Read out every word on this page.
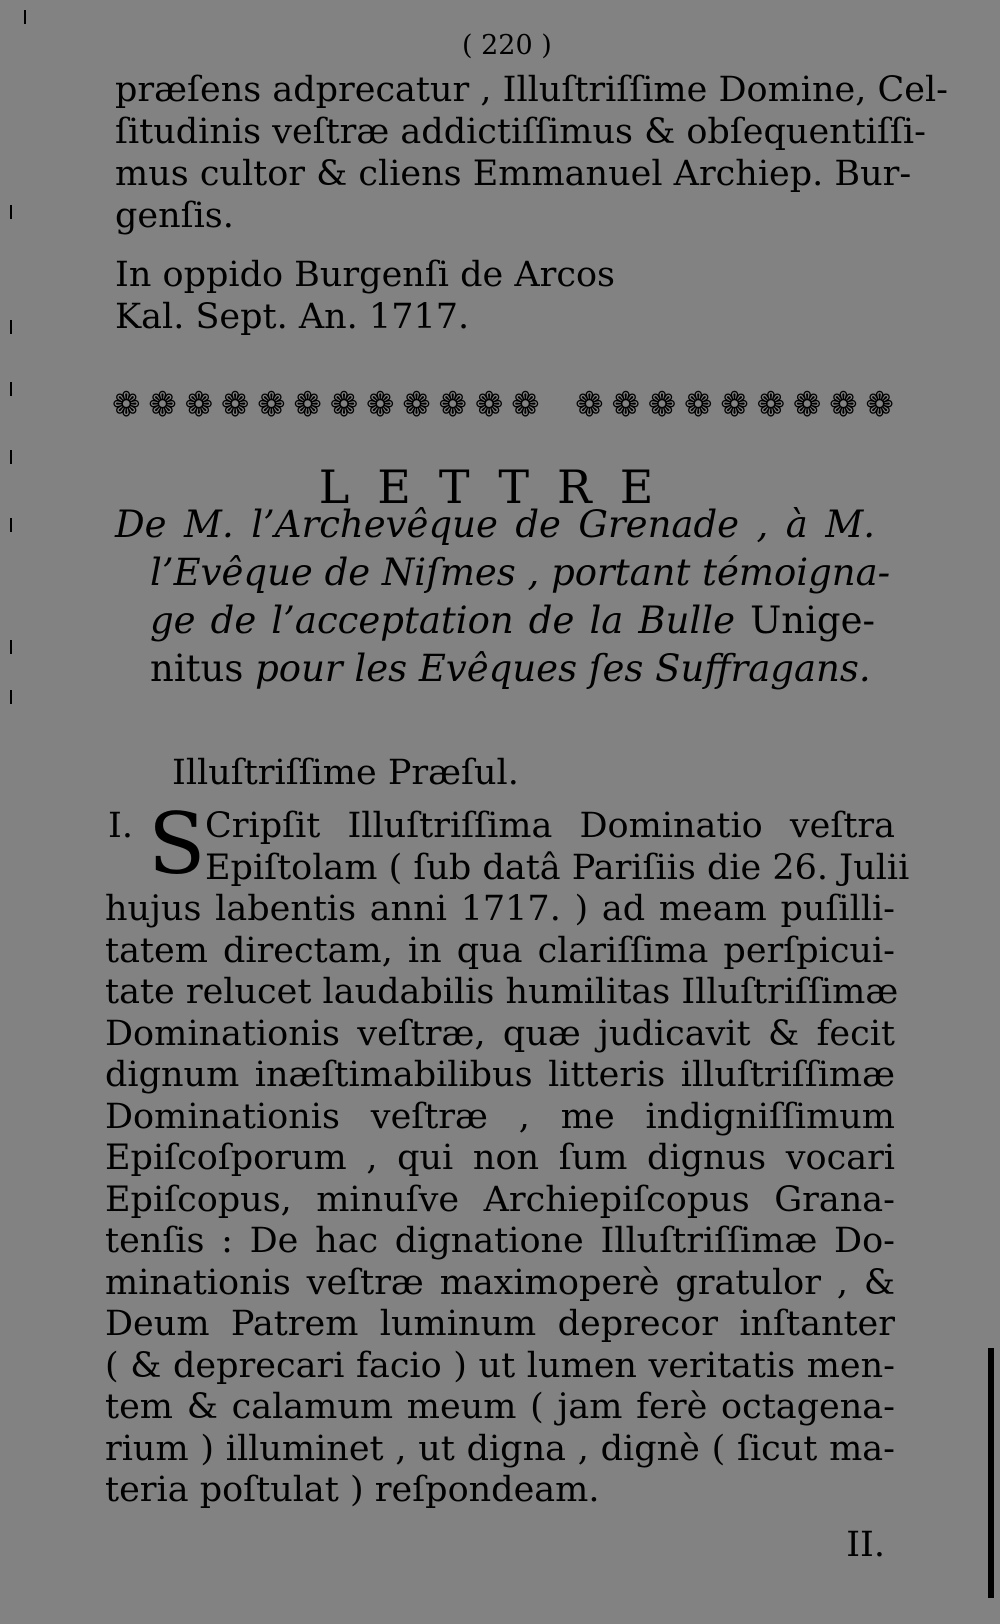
( 220 )
præſens adprecatur , Illuſtriſſime Domine, Cel-
ſitudinis veſtræ addictiſſimus & obſequentiſſi-
mus cultor & cliens Emmanuel Archiep. Bur-
genſis.
In oppido Burgenſi de Arcos
Kal. Sept. An. 1717.
❁ ❁ ❁ ❁ ❁ ❁ ❁ ❁ ❁ ❁ ❁ ❁ ❁ ❁ ❁ ❁ ❁ ❁ ❁ ❁ ❁
LETTRE
De M. l’Archevêque de Grenade , à M.
l’Evêque de Niſmes , portant témoigna-
ge de l’acceptation de la Bulle Unige-
nitus pour les Evêques ſes Suffragans.
Illuſtriſſime Præſul.
I. S Cripſit Illuſtriſſima Dominatio veſtra
Epiſtolam ( ſub datâ Pariſiis die 26. Julii
hujus labentis anni 1717. ) ad meam puſilli-
tatem directam, in qua clariſſima perſpicui-
tate relucet laudabilis humilitas Illuſtriſſimæ
Dominationis veſtræ, quæ judicavit & fecit
dignum inæſtimabilibus litteris illuſtriſſimæ
Dominationis veſtræ , me indigniſſimum
Epiſcoſporum , qui non ſum dignus vocari
Epiſcopus, minuſve Archiepiſcopus Grana-
tenſis : De hac dignatione Illuſtriſſimæ Do-
minationis veſtræ maximoperè gratulor , &
Deum Patrem luminum deprecor inſtanter
( & deprecari facio ) ut lumen veritatis men-
tem & calamum meum ( jam ferè octagena-
rium ) illuminet , ut digna , dignè ( ſicut ma-
teria poſtulat ) reſpondeam.
II.
